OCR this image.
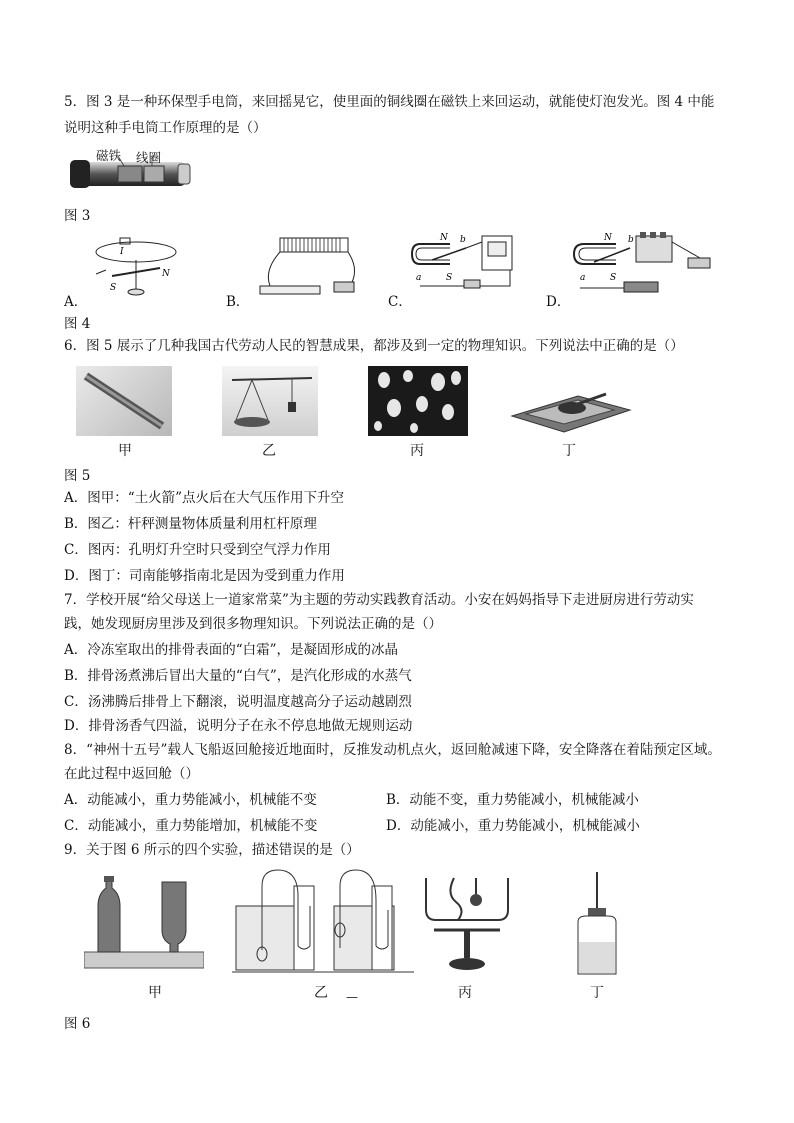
5．图 3 是一种环保型手电筒，来回摇晃它，使里面的铜线圈在磁铁上来回运动，就能使灯泡发光。图 4 中能
说明这种手电筒工作原理的是（）
磁铁 线圈
图 3
A．
I
S
N
B．	C．
N b
a	S
D．
N b
a	S
图 4
6．图 5 展示了几种我国古代劳动人民的智慧成果，都涉及到一定的物理知识。下列说法中正确的是（）
甲	乙	丙	丁
图 5
A．图甲：“土火箭”点火后在大气压作用下升空
B．图乙：杆秤测量物体质量利用杠杆原理
C．图丙：孔明灯升空时只受到空气浮力作用
D．图丁：司南能够指南北是因为受到重力作用
7．学校开展“给父母送上一道家常菜”为主题的劳动实践教育活动。小安在妈妈指导下走进厨房进行劳动实
践，她发现厨房里涉及到很多物理知识。下列说法正确的是（）
A．冷冻室取出的排骨表面的“白霜”，是凝固形成的冰晶
B．排骨汤煮沸后冒出大量的“白气”，是汽化形成的水蒸气
C．汤沸腾后排骨上下翻滚，说明温度越高分子运动越剧烈
D．排骨汤香气四溢，说明分子在永不停息地做无规则运动
8．“神州十五号”载人飞船返回舱接近地面时，反推发动机点火，返回舱减速下降，安全降落在着陆预定区域。
在此过程中返回舱（）
A．动能减小，重力势能减小，机械能不变	B．动能不变，重力势能减小，机械能减小
C．动能减小，重力势能增加，机械能不变	D．动能减小，重力势能减小，机械能减小
9．关于图 6 所示的四个实验，描述错误的是（）
甲	乙	—	丙	丁
图 6
